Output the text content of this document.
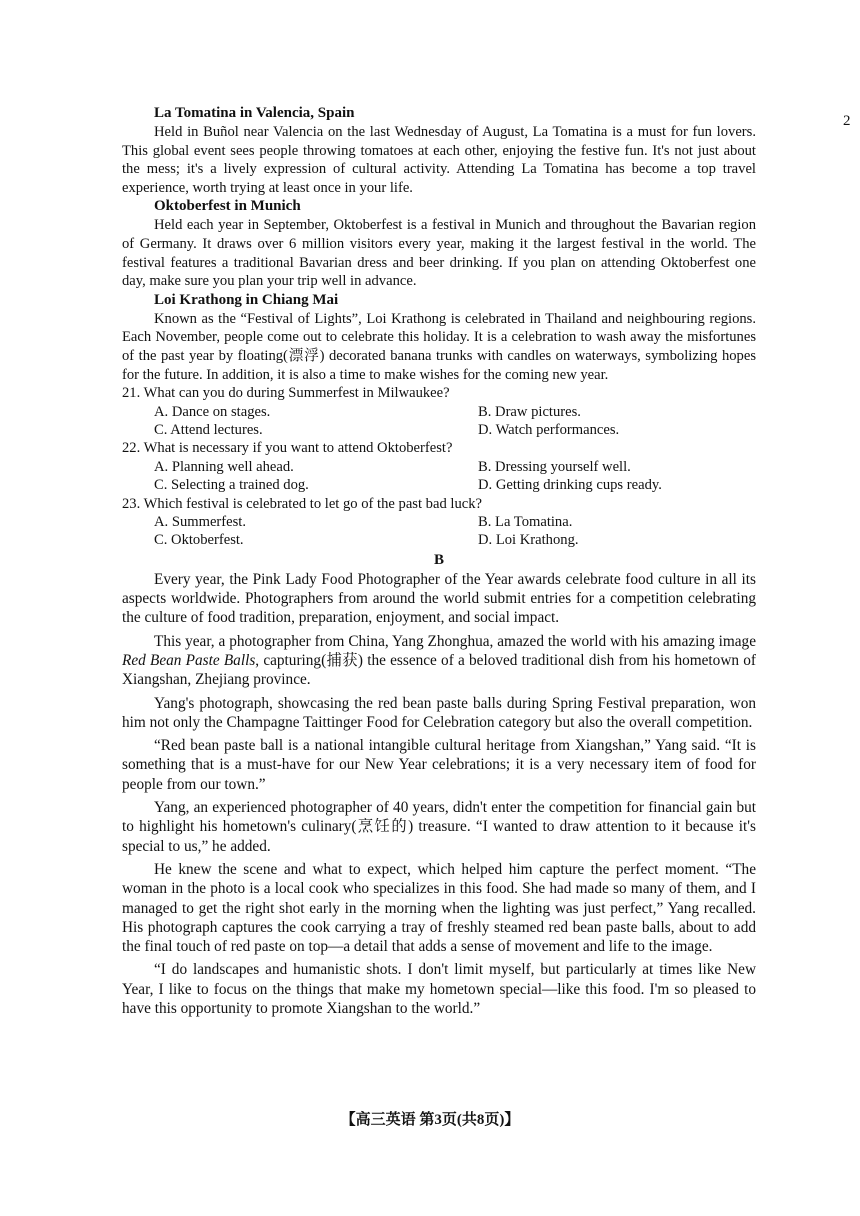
2
La Tomatina in Valencia, Spain
Held in Buñol near Valencia on the last Wednesday of August, La Tomatina is a must for fun lovers. This global event sees people throwing tomatoes at each other, enjoying the festive fun. It's not just about the mess; it's a lively expression of cultural activity. Attending La Tomatina has become a top travel experience, worth trying at least once in your life.
Oktoberfest in Munich
Held each year in September, Oktoberfest is a festival in Munich and throughout the Bavarian region of Germany. It draws over 6 million visitors every year, making it the largest festival in the world. The festival features a traditional Bavarian dress and beer drinking. If you plan on attending Oktoberfest one day, make sure you plan your trip well in advance.
Loi Krathong in Chiang Mai
Known as the “Festival of Lights”, Loi Krathong is celebrated in Thailand and neighbouring regions. Each November, people come out to celebrate this holiday. It is a celebration to wash away the misfortunes of the past year by floating(漂浮) decorated banana trunks with candles on waterways, symbolizing hopes for the future. In addition, it is also a time to make wishes for the coming new year.
21. What can you do during Summerfest in Milwaukee?
A. Dance on stages.	B. Draw pictures.
C. Attend lectures.	D. Watch performances.
22. What is necessary if you want to attend Oktoberfest?
A. Planning well ahead.	B. Dressing yourself well.
C. Selecting a trained dog.	D. Getting drinking cups ready.
23. Which festival is celebrated to let go of the past bad luck?
A. Summerfest.	B. La Tomatina.
C. Oktoberfest.	D. Loi Krathong.
B
Every year, the Pink Lady Food Photographer of the Year awards celebrate food culture in all its aspects worldwide. Photographers from around the world submit entries for a competition celebrating the culture of food tradition, preparation, enjoyment, and social impact.
This year, a photographer from China, Yang Zhonghua, amazed the world with his amazing image Red Bean Paste Balls, capturing(捕获) the essence of a beloved traditional dish from his hometown of Xiangshan, Zhejiang province.
Yang's photograph, showcasing the red bean paste balls during Spring Festival preparation, won him not only the Champagne Taittinger Food for Celebration category but also the overall competition.
“Red bean paste ball is a national intangible cultural heritage from Xiangshan,” Yang said. “It is something that is a must-have for our New Year celebrations; it is a very necessary item of food for people from our town.”
Yang, an experienced photographer of 40 years, didn't enter the competition for financial gain but to highlight his hometown's culinary(烹饪的) treasure. “I wanted to draw attention to it because it's special to us,” he added.
He knew the scene and what to expect, which helped him capture the perfect moment. “The woman in the photo is a local cook who specializes in this food. She had made so many of them, and I managed to get the right shot early in the morning when the lighting was just perfect,” Yang recalled. His photograph captures the cook carrying a tray of freshly steamed red bean paste balls, about to add the final touch of red paste on top—a detail that adds a sense of movement and life to the image.
“I do landscapes and humanistic shots. I don't limit myself, but particularly at times like New Year, I like to focus on the things that make my hometown special—like this food. I'm so pleased to have this opportunity to promote Xiangshan to the world.”
【高三英语 第3页(共8页)】
